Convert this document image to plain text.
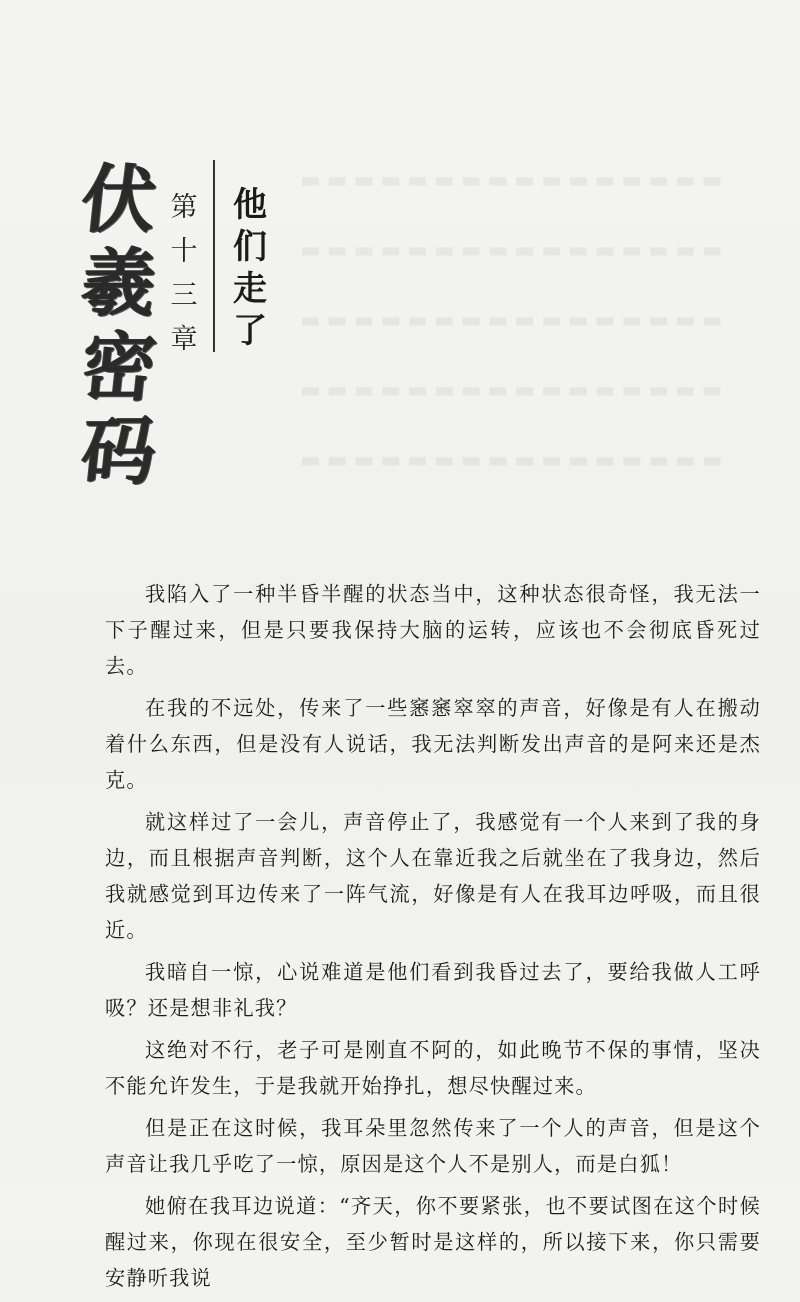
▬▬▬▬▬▬▬▬▬▬▬▬▬▬▬▬
▬▬▬▬▬▬▬▬▬▬▬▬▬▬▬▬
▬▬▬▬▬▬▬▬▬▬▬▬▬▬▬▬
▬▬▬▬▬▬▬▬▬▬▬▬▬▬▬▬
▬▬▬▬▬▬▬▬▬▬▬▬▬▬▬▬
伏
羲
密
码
第
十
三
章
他
们
走
了

我陷入了一种半昏半醒的状态当中，这种状态很奇怪，我无法一下子醒过来，但是只要我保持大脑的运转，应该也不会彻底昏死过去。

在我的不远处，传来了一些窸窸窣窣的声音，好像是有人在搬动着什么东西，但是没有人说话，我无法判断发出声音的是阿来还是杰克。

就这样过了一会儿，声音停止了，我感觉有一个人来到了我的身边，而且根据声音判断，这个人在靠近我之后就坐在了我身边，然后我就感觉到耳边传来了一阵气流，好像是有人在我耳边呼吸，而且很近。

我暗自一惊，心说难道是他们看到我昏过去了，要给我做人工呼吸？还是想非礼我？

这绝对不行，老子可是刚直不阿的，如此晚节不保的事情，坚决不能允许发生，于是我就开始挣扎，想尽快醒过来。

但是正在这时候，我耳朵里忽然传来了一个人的声音，但是这个声音让我几乎吃了一惊，原因是这个人不是别人，而是白狐！

她俯在我耳边说道：“齐天，你不要紧张，也不要试图在这个时候醒过来，你现在很安全，至少暂时是这样的，所以接下来，你只需要安静听我说
